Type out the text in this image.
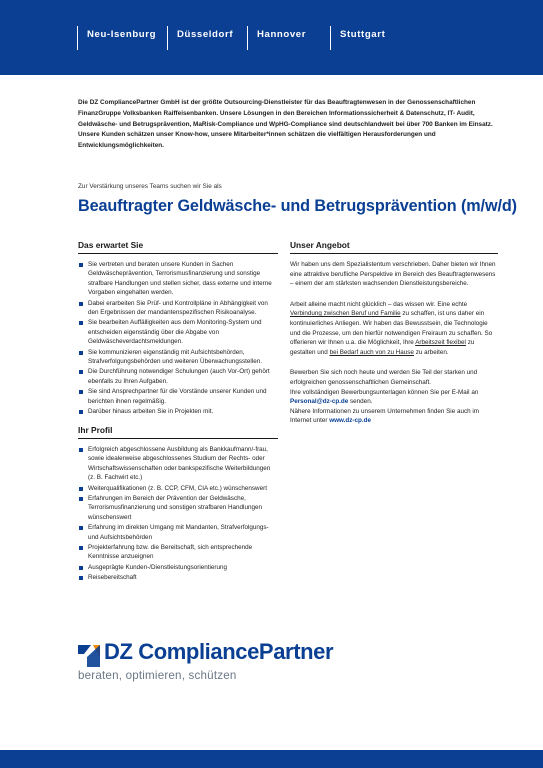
Neu-Isenburg	Düsseldorf	Hannover	Stuttgart

Die DZ CompliancePartner GmbH ist der größte Outsourcing-Dienstleister für das Beauftragtenwesen in der Genossenschaftlichen FinanzGruppe Volksbanken Raiffeisenbanken. Unsere Lösungen in den Bereichen Informationssicherheit & Datenschutz, IT- Audit, Geldwäsche- und Betrugsprävention, MaRisk-Compliance und WpHG-Compliance sind deutschlandweit bei über 700 Banken im Einsatz. Unsere Kunden schätzen unser Know-how, unsere Mitarbeiter*innen schätzen die vielfältigen Herausforderungen und Entwicklungsmöglichkeiten.

Zur Verstärkung unseres Teams suchen wir Sie als

Beauftragter Geldwäsche- und Betrugsprävention (m/w/d)
Das erwartet Sie
Sie vertreten und beraten unsere Kunden in Sachen Geldwäscheprävention, Terrorismusfinanzierung und sonstige strafbare Handlungen und stellen sicher, dass externe und interne Vorgaben eingehalten werden.
Dabei erarbeiten Sie Prüf- und Kontrollpläne in Abhängigkeit von den Ergebnissen der mandantenspezifischen Risikoanalyse.
Sie bearbeiten Auffälligkeiten aus dem Monitoring-System und entscheiden eigenständig über die Abgabe von Geldwäscheverdachtsmeldungen.
Sie kommunizieren eigenständig mit Aufsichtsbehörden, Strafverfolgungsbehörden und weiteren Überwachungsstellen.
Die Durchführung notwendiger Schulungen (auch Vor-Ort) gehört ebenfalls zu Ihren Aufgaben.
Sie sind Ansprechpartner für die Vorstände unserer Kunden und berichten ihnen regelmäßig.
Darüber hinaus arbeiten Sie in Projekten mit.
Ihr Profil
Erfolgreich abgeschlossene Ausbildung als Bankkaufmann/-frau, sowie idealerweise abgeschlossenes Studium der Rechts- oder Wirtschaftswissenschaften oder bankspezifische Weiterbildungen (z. B. Fachwirt etc.)
Weiterqualifikationen (z. B. CCP, CFM, CIA etc.) wünschenswert
Erfahrungen im Bereich der Prävention der Geldwäsche, Terrorismusfinanzierung und sonstigen strafbaren Handlungen wünschenswert
Erfahrung im direkten Umgang mit Mandanten, Strafverfolgungs- und Aufsichtsbehörden
Projekterfahrung bzw. die Bereitschaft, sich entsprechende Kenntnisse anzueignen
Ausgeprägte Kunden-/Dienstleistungsorientierung
Reisebereitschaft
Unser Angebot

Wir haben uns dem Spezialistentum verschrieben. Daher bieten wir Ihnen eine attraktive berufliche Perspektive im Bereich des Beauftragtenwesens – einem der am stärksten wachsenden Dienstleistungsbereiche.

Arbeit alleine macht nicht glücklich – das wissen wir. Eine echte Verbindung zwischen Beruf und Familie zu schaffen, ist uns daher ein kontinuierliches Anliegen. Wir haben das Bewusstsein, die Technologie und die Prozesse, um den hierfür notwendigen Freiraum zu schaffen. So offerieren wir Ihnen u.a. die Möglichkeit, Ihre Arbeitszeit flexibel zu gestalten und bei Bedarf auch von zu Hause zu arbeiten.

Bewerben Sie sich noch heute und werden Sie Teil der starken und erfolgreichen genossenschaftlichen Gemeinschaft.
Ihre vollständigen Bewerbungsunterlagen können Sie per E-Mail an Personal@dz-cp.de senden.
Nähere Informationen zu unserem Unternehmen finden Sie auch im Internet unter www.dz-cp.de

DZ CompliancePartner
beraten, optimieren, schützen
